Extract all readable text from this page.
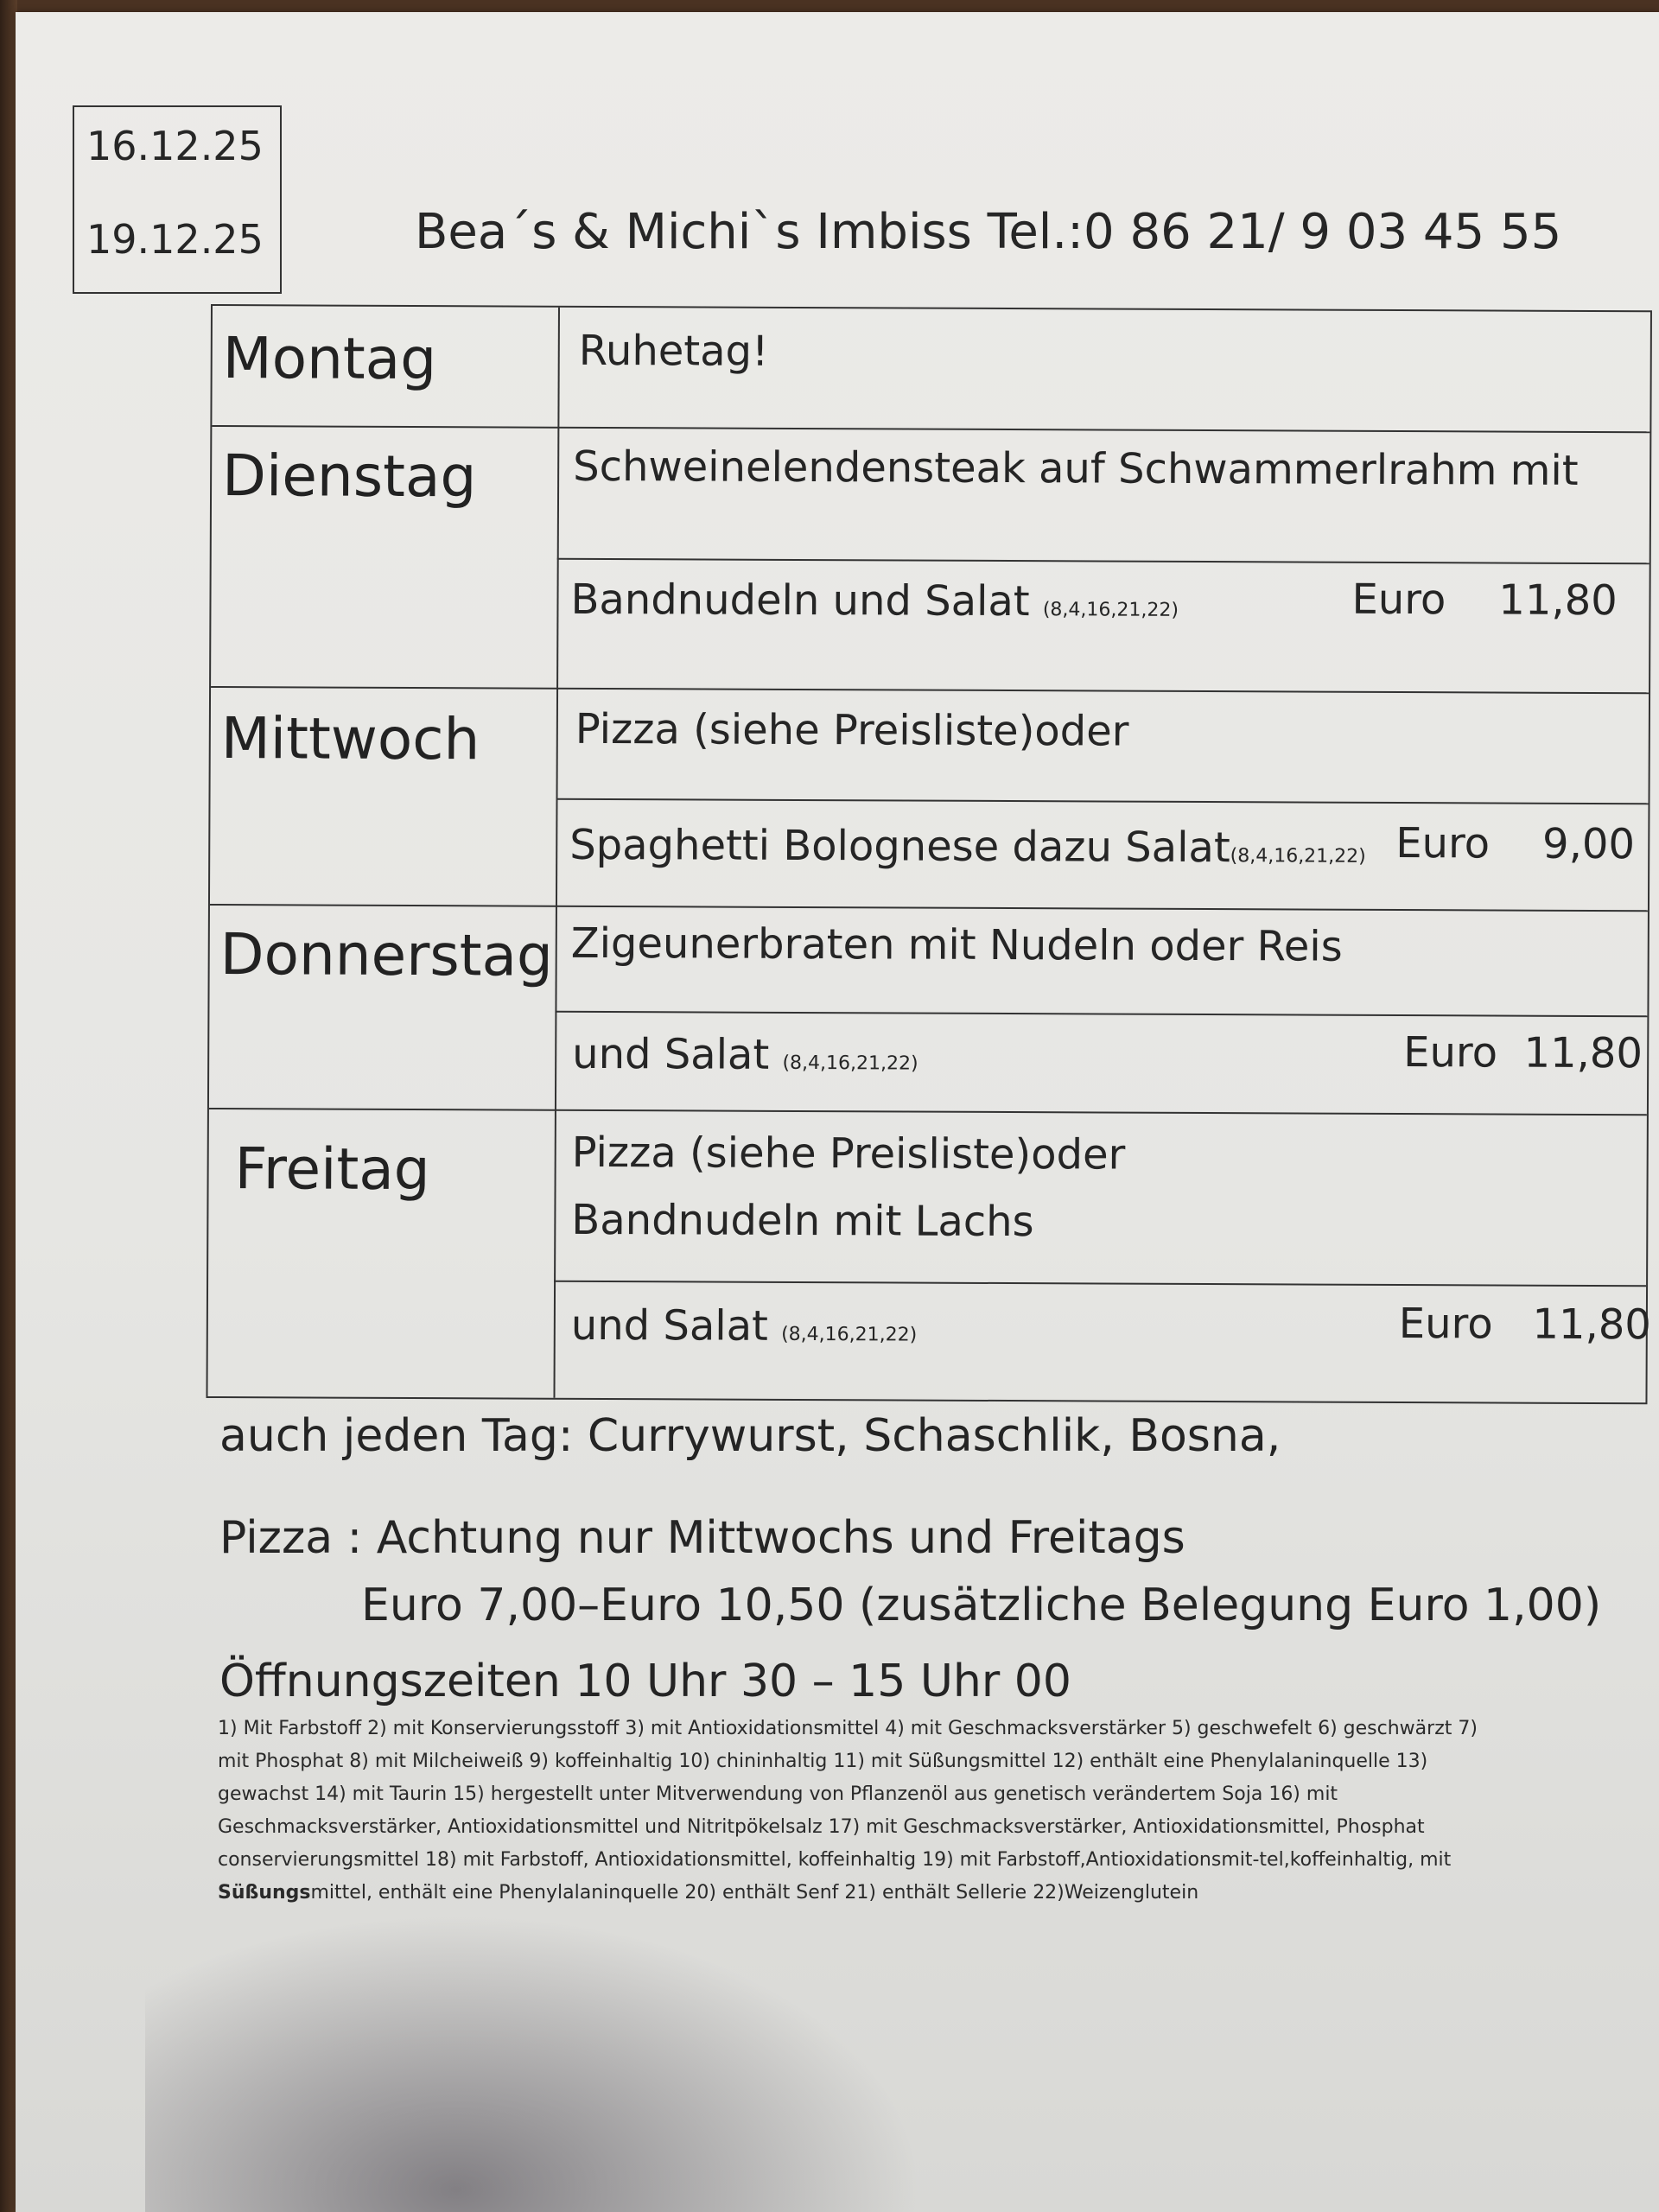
16.12.25
19.12.25	Bea´s & Michi`s Imbiss Tel.:0 86 21/ 9 03 45 55
Montag	Ruhetag!
Dienstag Schweinelendensteak auf Schwammerlrahm mit
Bandnudeln und Salat (8,4,16,21,22)	Euro 11,80
Mittwoch Pizza (siehe Preisliste)oder
Spaghetti Bolognese dazu Salat(8,4,16,21,22) Euro 9,00
Donnerstag Zigeunerbraten mit Nudeln oder Reis
und Salat (8,4,16,21,22)	Euro 11,80
Freitag	Pizza (siehe Preisliste)oder
Bandnudeln mit Lachs
und Salat (8,4,16,21,22)	Euro 11,80
auch jeden Tag: Currywurst, Schaschlik, Bosna,
Pizza : Achtung nur Mittwochs und Freitags
Euro 7,00–Euro 10,50 (zusätzliche Belegung Euro 1,00)
Öffnungszeiten 10 Uhr 30 – 15 Uhr 00
1) Mit Farbstoff 2) mit Konservierungsstoff 3) mit Antioxidationsmittel 4) mit Geschmacksverstärker 5) geschwefelt 6) geschwärzt 7)
mit Phosphat 8) mit Milcheiweiß 9) koffeinhaltig 10) chininhaltig 11) mit Süßungsmittel 12) enthält eine Phenylalaninquelle 13)
gewachst 14) mit Taurin 15) hergestellt unter Mitverwendung von Pflanzenöl aus genetisch verändertem Soja 16) mit
Geschmacksverstärker, Antioxidationsmittel und Nitritpökelsalz 17) mit Geschmacksverstärker, Antioxidationsmittel, Phosphat
conservierungsmittel 18) mit Farbstoff, Antioxidationsmittel, koffeinhaltig 19) mit Farbstoff,Antioxidationsmit-tel,koffeinhaltig, mit
Süßungsmittel, enthält eine Phenylalaninquelle 20) enthält Senf 21) enthält Sellerie 22)Weizenglutein
